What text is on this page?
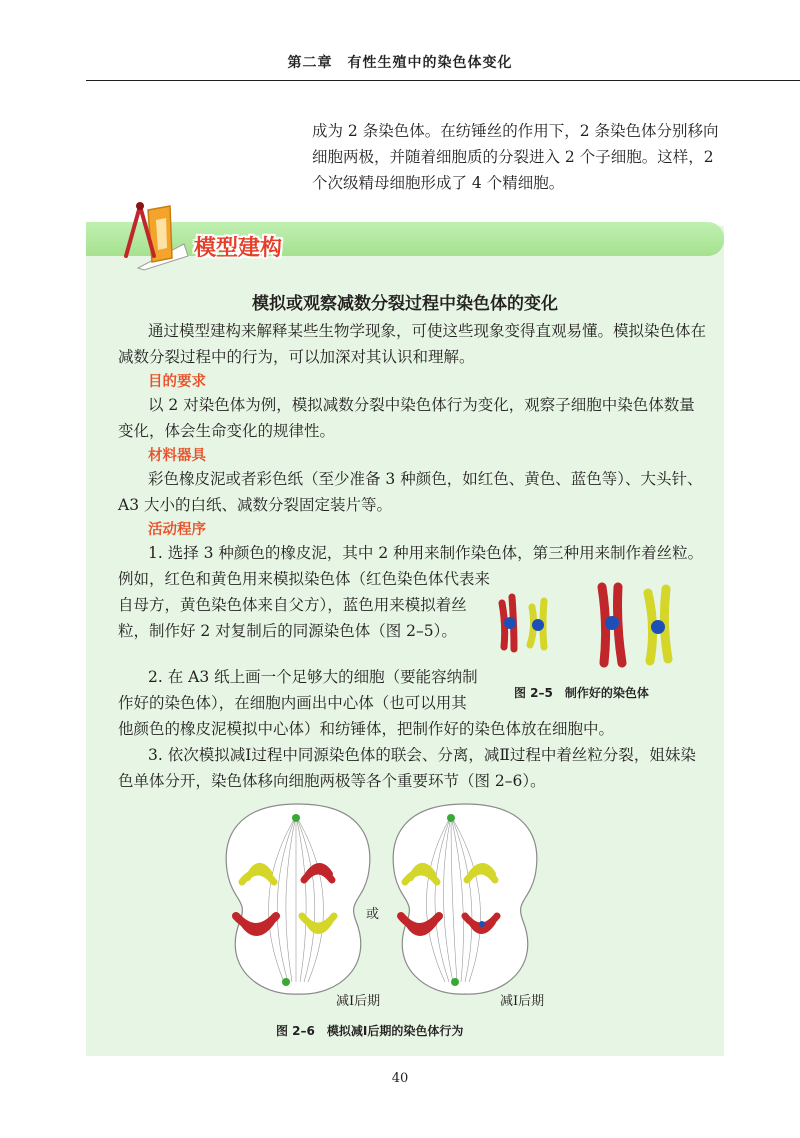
第二章　有性生殖中的染色体变化
成为 2 条染色体。在纺锤丝的作用下，2 条染色体分别移向细胞两极，并随着细胞质的分裂进入 2 个子细胞。这样，2 个次级精母细胞形成了 4 个精细胞。
模型建构
模拟或观察减数分裂过程中染色体的变化
通过模型建构来解释某些生物学现象，可使这些现象变得直观易懂。模拟染色体在减数分裂过程中的行为，可以加深对其认识和理解。
目的要求
以 2 对染色体为例，模拟减数分裂中染色体行为变化，观察子细胞中染色体数量变化，体会生命变化的规律性。
材料器具
彩色橡皮泥或者彩色纸（至少准备 3 种颜色，如红色、黄色、蓝色等）、大头针、A3 大小的白纸、减数分裂固定装片等。
活动程序
1. 选择 3 种颜色的橡皮泥，其中 2 种用来制作染色体，第三种用来制作着丝粒。
例如，红色和黄色用来模拟染色体（红色染色体代表来自母方，黄色染色体来自父方），蓝色用来模拟着丝粒，制作好 2 对复制后的同源染色体（图 2–5）。
2. 在 A3 纸上画一个足够大的细胞（要能容纳制作好的染色体），在细胞内画出中心体（也可以用其
他颜色的橡皮泥模拟中心体）和纺锤体，把制作好的染色体放在细胞中。
3. 依次模拟减Ⅰ过程中同源染色体的联会、分离，减Ⅱ过程中着丝粒分裂，姐妹染色单体分开，染色体移向细胞两极等各个重要环节（图 2–6）。
图 2–5　制作好的染色体
或
减Ⅰ后期	减Ⅰ后期
图 2–6　模拟减Ⅰ后期的染色体行为
40
